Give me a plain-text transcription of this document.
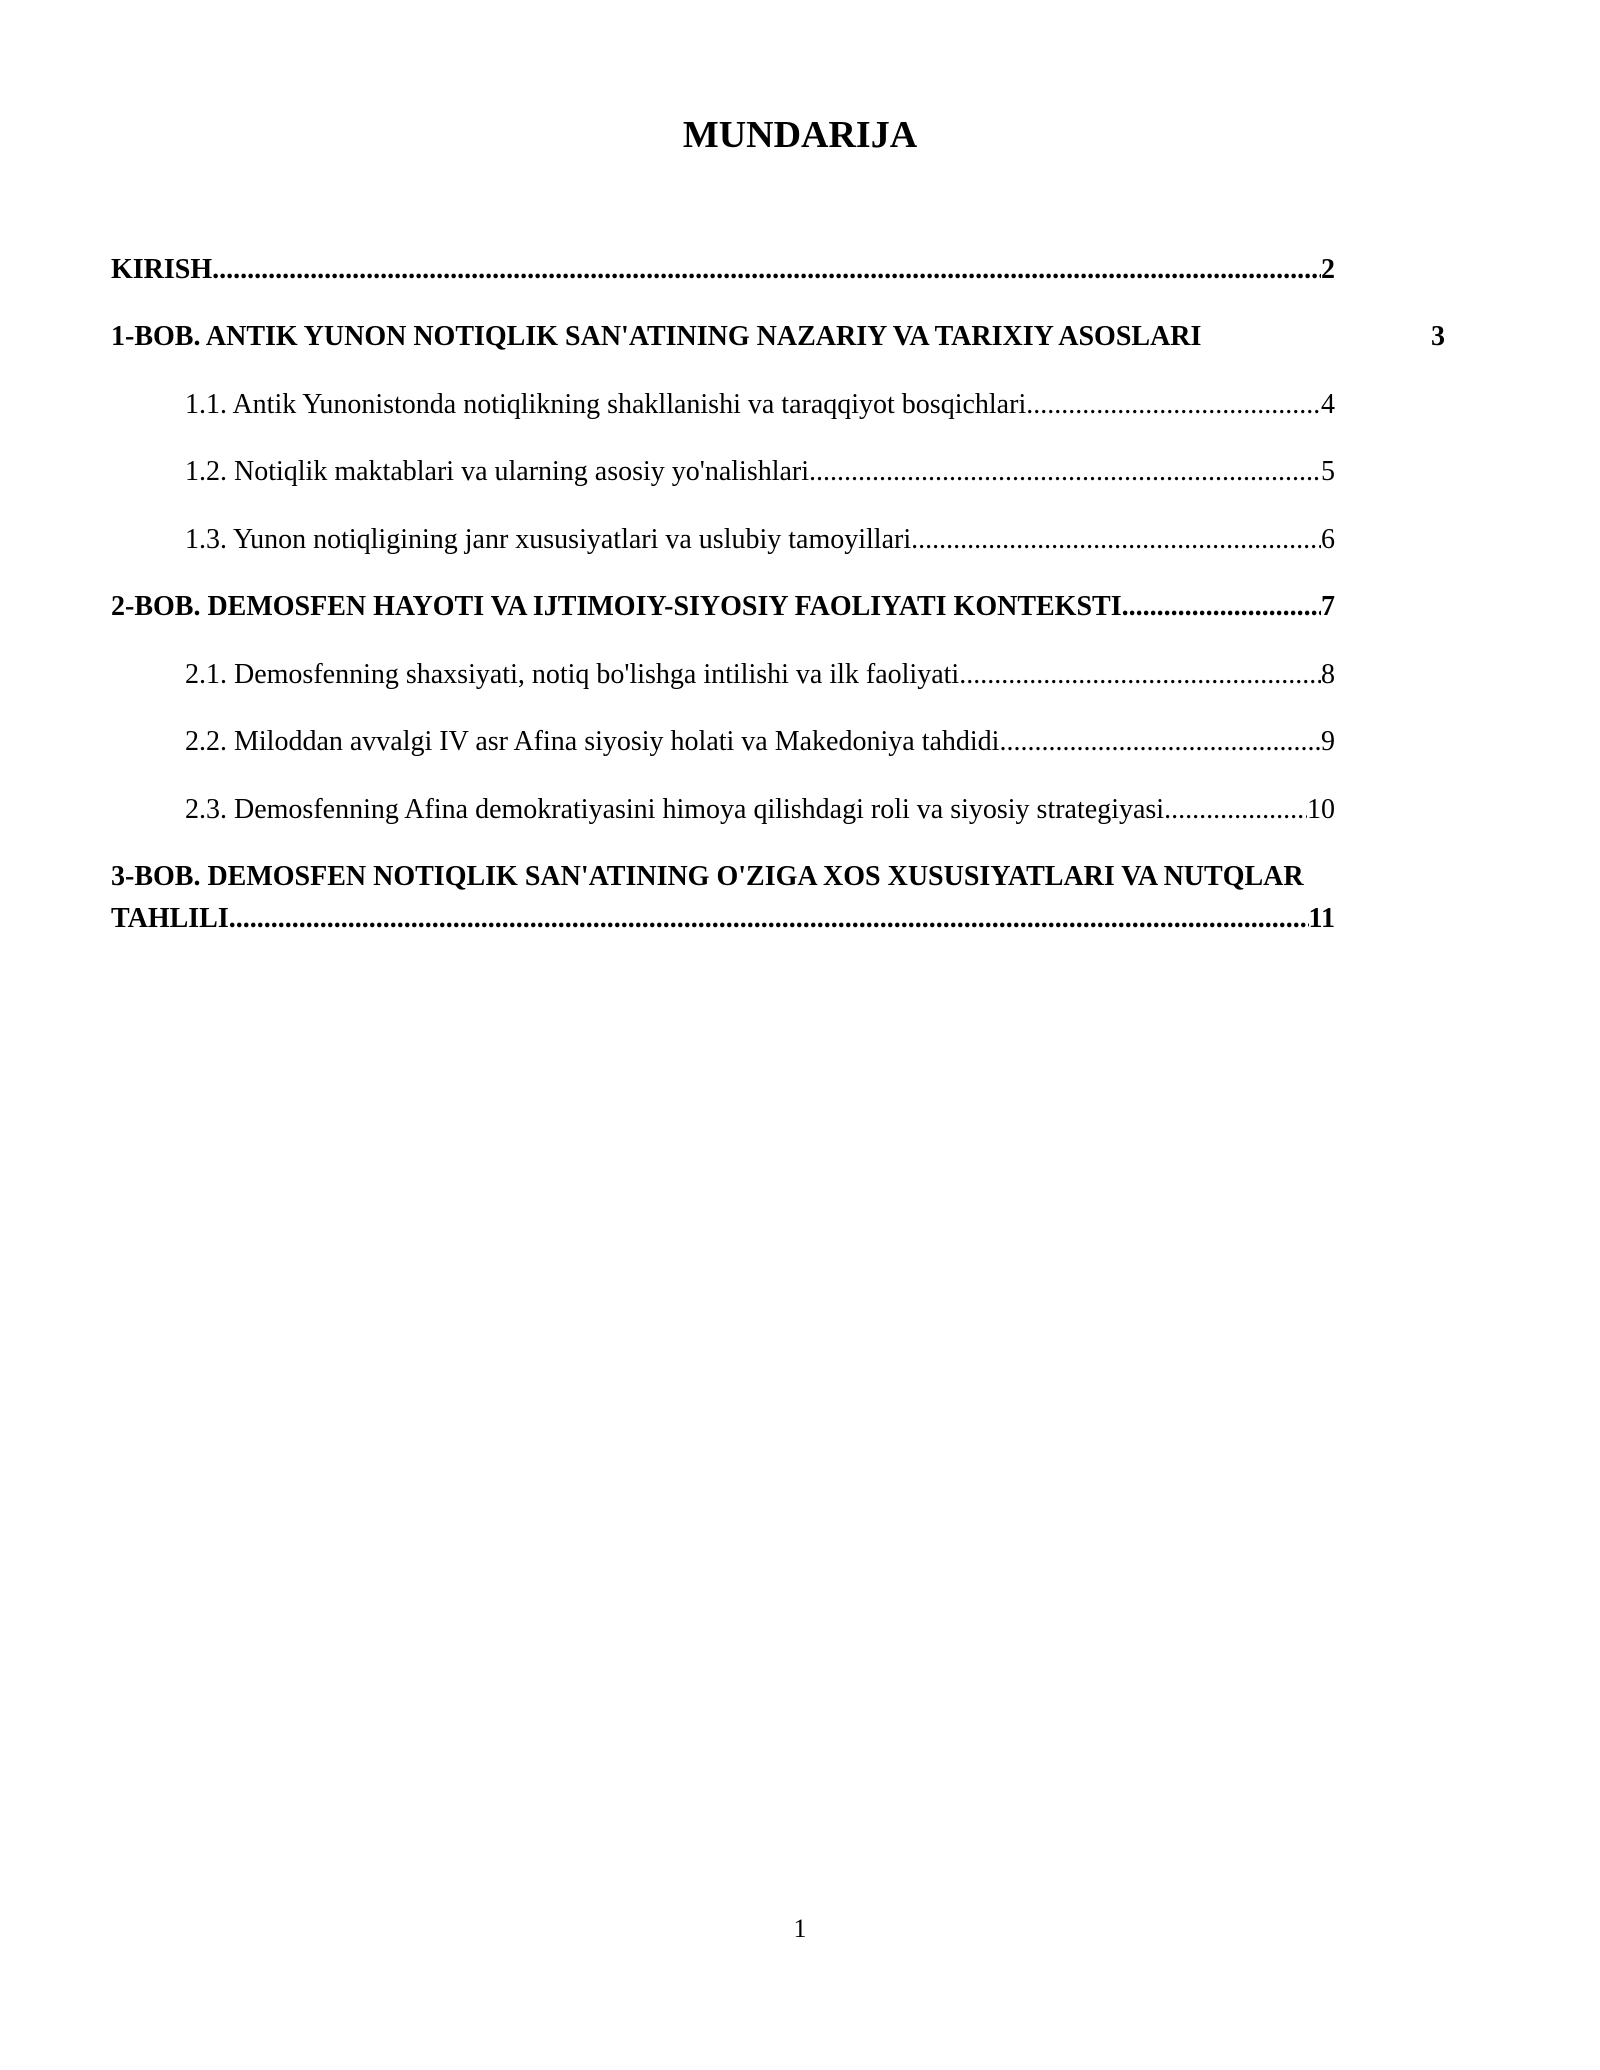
MUNDARIJA
KIRISH .....	2
1-BOB. ANTIK YUNON NOTIQLIK SAN'ATINING NAZARIY VA TARIXIY ASOSLARI	3
1.1. Antik Yunonistonda notiqlikning shakllanishi va taraqqiyot bosqichlari .....	4
1.2. Notiqlik maktablari va ularning asosiy yo'nalishlari .....	5
1.3. Yunon notiqligining janr xususiyatlari va uslubiy tamoyillari .....	6
2-BOB. DEMOSFEN HAYOTI VA IJTIMOIY-SIYOSIY FAOLIYATI KONTEKSTI .....	7
2.1. Demosfenning shaxsiyati, notiq bo'lishga intilishi va ilk faoliyati .....	8
2.2. Miloddan avvalgi IV asr Afina siyosiy holati va Makedoniya tahdidi .....	9
2.3. Demosfenning Afina demokratiyasini himoya qilishdagi roli va siyosiy strategiyasi .....	10
3-BOB. DEMOSFEN NOTIQLIK SAN'ATINING O'ZIGA XOS XUSUSIYATLARI VA NUTQLAR
TAHLILI .....	11
1
